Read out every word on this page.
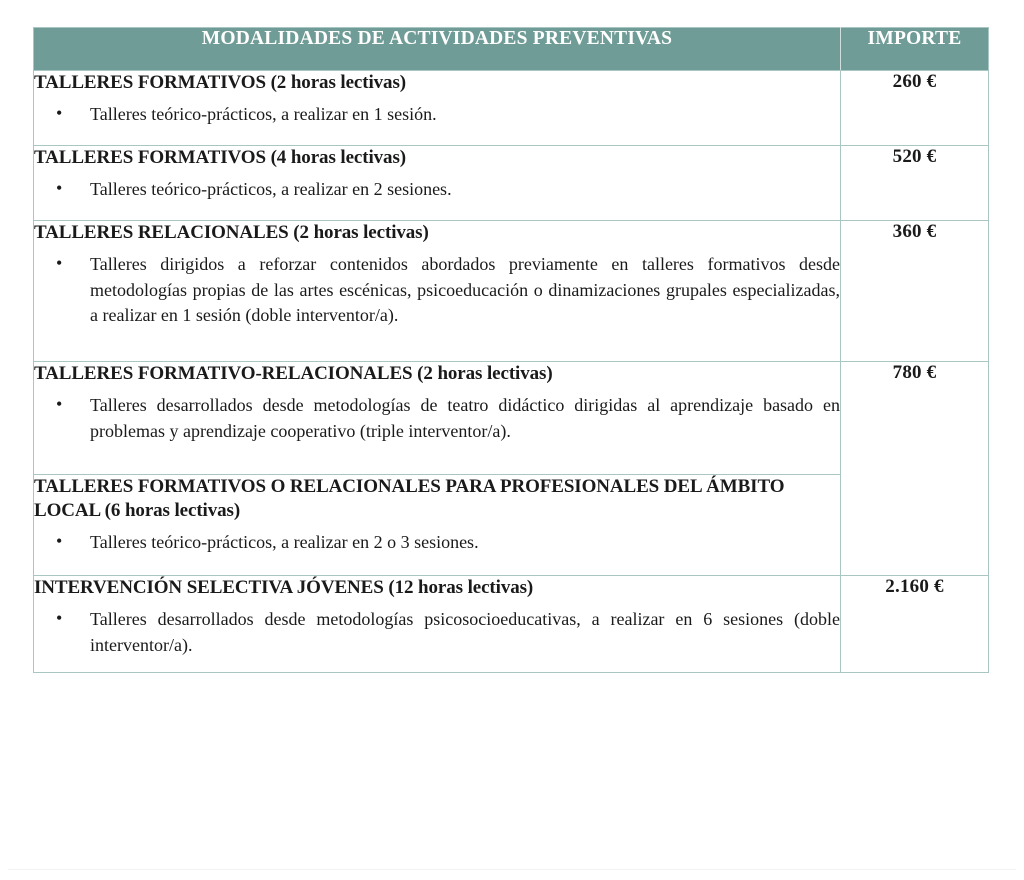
MODALIDADES DE ACTIVIDADES PREVENTIVAS	IMPORTE

TALLERES FORMATIVOS (2 horas lectivas)

• Talleres teórico-prácticos, a realizar en 1 sesión.
	260 €

TALLERES FORMATIVOS (4 horas lectivas)

• Talleres teórico-prácticos, a realizar en 2 sesiones.
	520 €

TALLERES RELACIONALES (2 horas lectivas)

• Talleres dirigidos a reforzar contenidos abordados previamente en talleres formativos desde metodologías propias de las artes escénicas, psicoeducación o dinamizaciones grupales especializadas, a realizar en 1 sesión (doble interventor/a).
	360 €

TALLERES FORMATIVO-RELACIONALES (2 horas lectivas)

• Talleres desarrollados desde metodologías de teatro didáctico dirigidas al aprendizaje basado en problemas y aprendizaje cooperativo (triple interventor/a).
	780 €

TALLERES FORMATIVOS O RELACIONALES PARA PROFESIONALES DEL ÁMBITO LOCAL (6 horas lectivas)

• Talleres teórico-prácticos, a realizar en 2 o 3 sesiones.

INTERVENCIÓN SELECTIVA JÓVENES (12 horas lectivas)

• Talleres desarrollados desde metodologías psicosocioeducativas, a realizar en 6 sesiones (doble interventor/a).
	2.160 €
